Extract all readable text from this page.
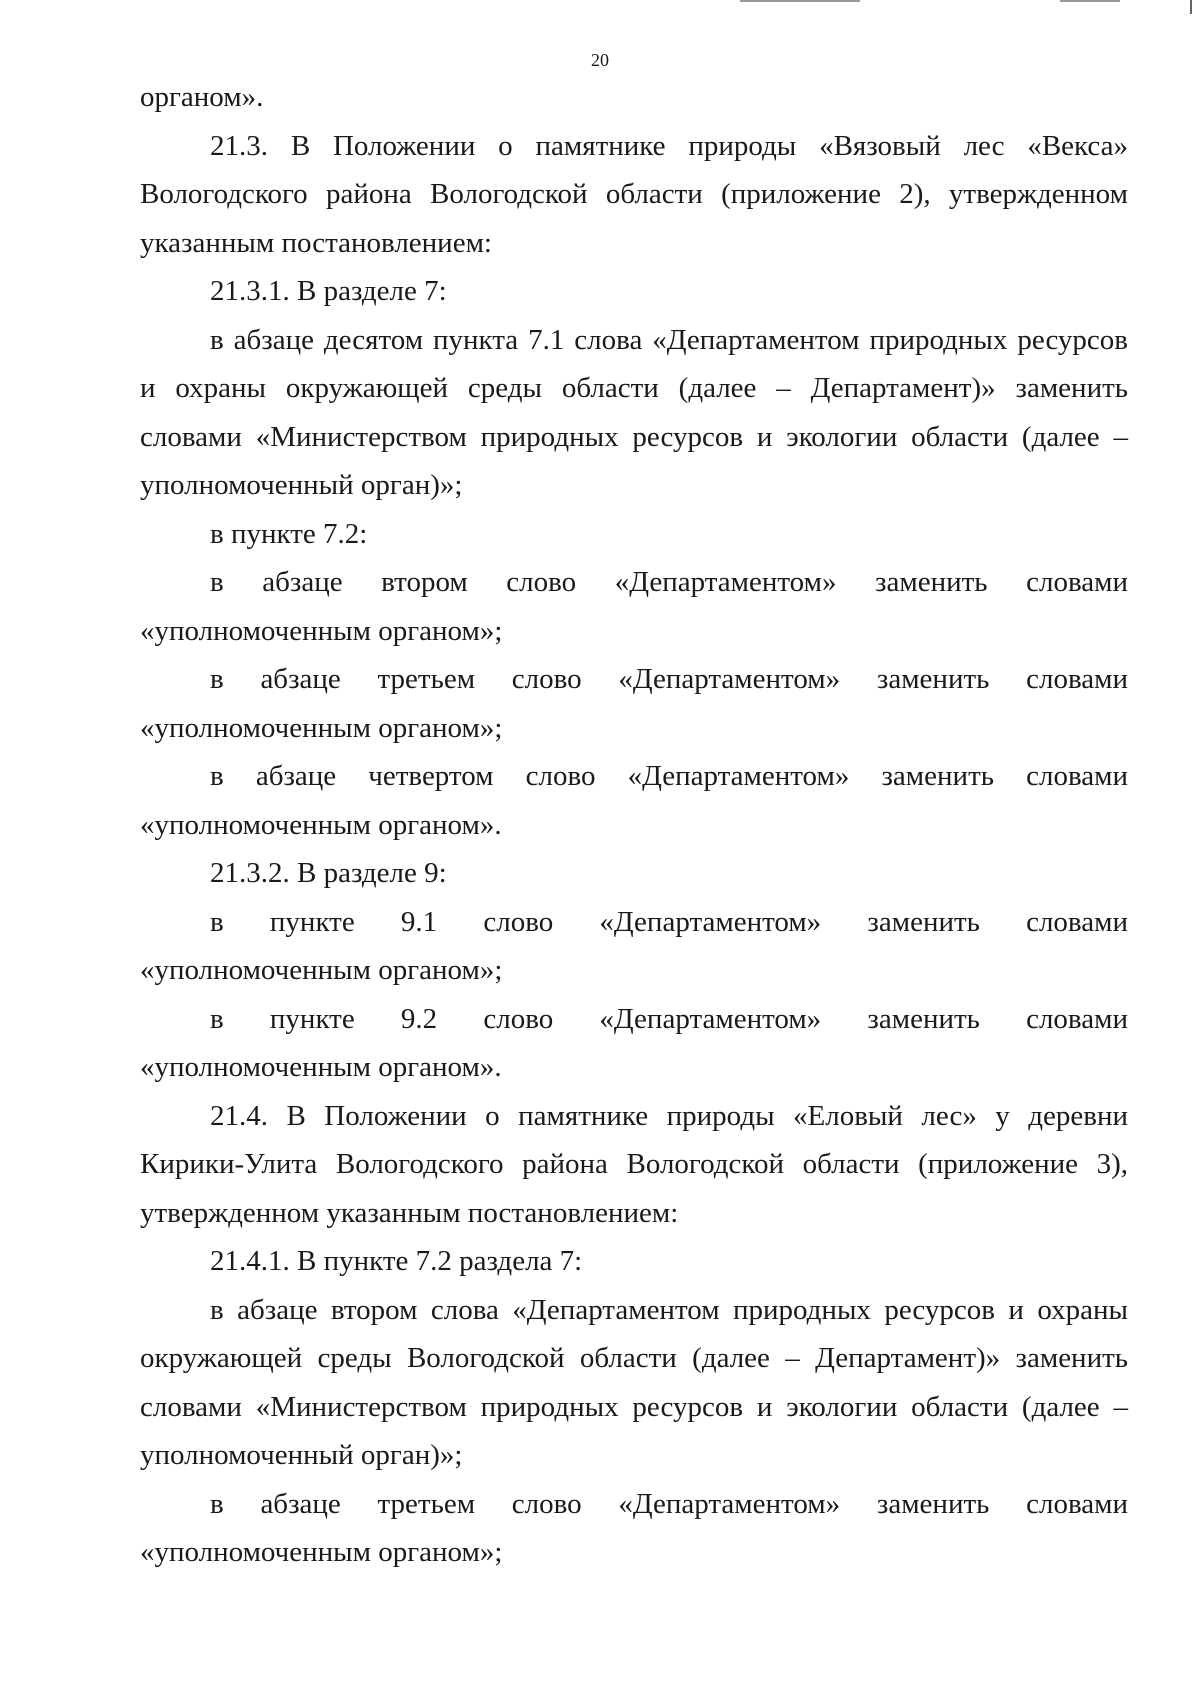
20

органом».

21.3. В Положении о памятнике природы «Вязовый лес «Векса» Вологодского района Вологодской области (приложение 2), утвержденном указанным постановлением:

21.3.1. В разделе 7:

в абзаце десятом пункта 7.1 слова «Департаментом природных ресурсов и охраны окружающей среды области (далее – Департамент)» заменить словами «Министерством природных ресурсов и экологии области (далее – уполномоченный орган)»;

в пункте 7.2:

в абзаце втором слово «Департаментом» заменить словами «уполномоченным органом»;

в абзаце третьем слово «Департаментом» заменить словами «уполномоченным органом»;

в абзаце четвертом слово «Департаментом» заменить словами «уполномоченным органом».

21.3.2. В разделе 9:

в пункте 9.1 слово «Департаментом» заменить словами «уполномоченным органом»;

в пункте 9.2 слово «Департаментом» заменить словами «уполномоченным органом».

21.4. В Положении о памятнике природы «Еловый лес» у деревни Кирики-Улита Вологодского района Вологодской области (приложение 3), утвержденном указанным постановлением:

21.4.1. В пункте 7.2 раздела 7:

в абзаце втором слова «Департаментом природных ресурсов и охраны окружающей среды Вологодской области (далее – Департамент)» заменить словами «Министерством природных ресурсов и экологии области (далее – уполномоченный орган)»;

в абзаце третьем слово «Департаментом» заменить словами «уполномоченным органом»;
